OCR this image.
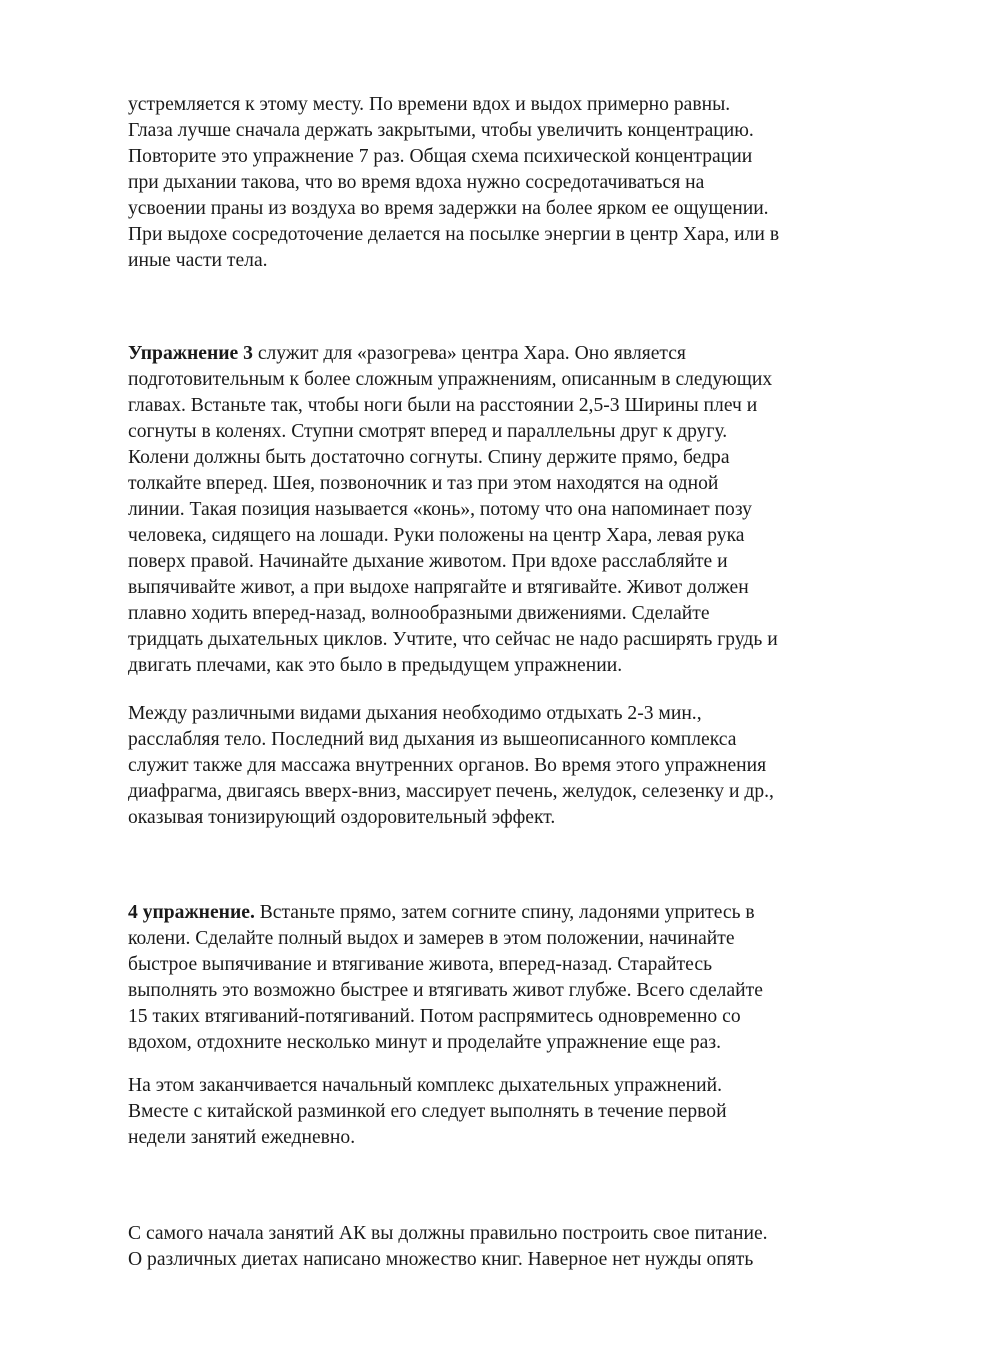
устремляется к этому месту. По времени вдох и выдох примерно равны.
Глаза лучше сначала держать закрытыми, чтобы увеличить концентрацию.
Повторите это упражнение 7 раз. Общая схема психической концентрации
при дыхании такова, что во время вдоха нужно сосредотачиваться на
усвоении праны из воздуха во время задержки на более ярком ее ощущении.
При выдохе сосредоточение делается на посылке энергии в центр Хара, или в
иные части тела.
Упражнение 3 служит для «разогрева» центра Хара. Оно является
подготовительным к более сложным упражнениям, описанным в следующих
главах. Встаньте так, чтобы ноги были на расстоянии 2,5-3 Ширины плеч и
согнуты в коленях. Ступни смотрят вперед и параллельны друг к другу.
Колени должны быть достаточно согнуты. Спину держите прямо, бедра
толкайте вперед. Шея, позвоночник и таз при этом находятся на одной
линии. Такая позиция называется «конь», потому что она напоминает позу
человека, сидящего на лошади. Руки положены на центр Хара, левая рука
поверх правой. Начинайте дыхание животом. При вдохе расслабляйте и
выпячивайте живот, а при выдохе напрягайте и втягивайте. Живот должен
плавно ходить вперед-назад, волнообразными движениями. Сделайте
тридцать дыхательных циклов. Учтите, что сейчас не надо расширять грудь и
двигать плечами, как это было в предыдущем упражнении.
Между различными видами дыхания необходимо отдыхать 2-3 мин.,
расслабляя тело. Последний вид дыхания из вышеописанного комплекса
служит также для массажа внутренних органов. Во время этого упражнения
диафрагма, двигаясь вверх-вниз, массирует печень, желудок, селезенку и др.,
оказывая тонизирующий оздоровительный эффект.
4 упражнение. Встаньте прямо, затем согните спину, ладонями упритесь в
колени. Сделайте полный выдох и замерев в этом положении, начинайте
быстрое выпячивание и втягивание живота, вперед-назад. Старайтесь
выполнять это возможно быстрее и втягивать живот глубже. Всего сделайте
15 таких втягиваний-потягиваний. Потом распрямитесь одновременно со
вдохом, отдохните несколько минут и проделайте упражнение еще раз.
На этом заканчивается начальный комплекс дыхательных упражнений.
Вместе с китайской разминкой его следует выполнять в течение первой
недели занятий ежедневно.
С самого начала занятий АК вы должны правильно построить свое питание.
О различных диетах написано множество книг. Наверное нет нужды опять
